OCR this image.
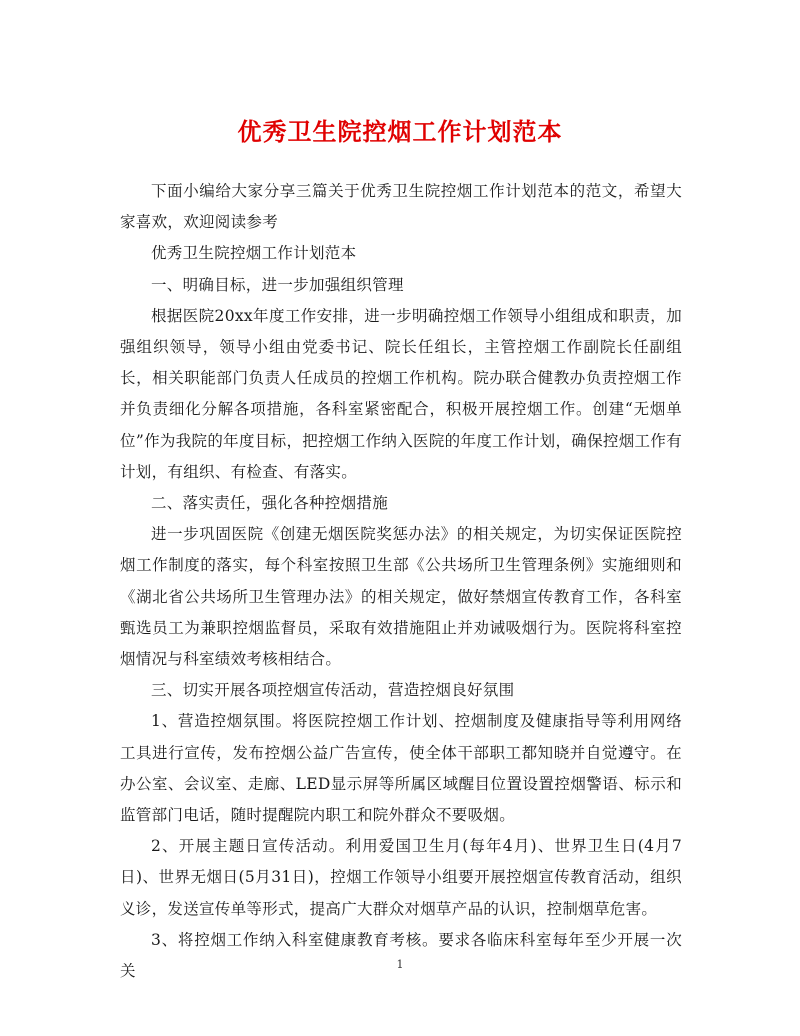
优秀卫生院控烟工作计划范本

下面小编给大家分享三篇关于优秀卫生院控烟工作计划范本的范文，希望大家喜欢，欢迎阅读参考

优秀卫生院控烟工作计划范本

一、明确目标，进一步加强组织管理

根据医院20xx年度工作安排，进一步明确控烟工作领导小组组成和职责，加强组织领导，领导小组由党委书记、院长任组长，主管控烟工作副院长任副组长，相关职能部门负责人任成员的控烟工作机构。院办联合健教办负责控烟工作并负责细化分解各项措施，各科室紧密配合，积极开展控烟工作。创建“无烟单位”作为我院的年度目标，把控烟工作纳入医院的年度工作计划，确保控烟工作有计划，有组织、有检查、有落实。

二、落实责任，强化各种控烟措施

进一步巩固医院《创建无烟医院奖惩办法》的相关规定，为切实保证医院控烟工作制度的落实，每个科室按照卫生部《公共场所卫生管理条例》实施细则和《湖北省公共场所卫生管理办法》的相关规定，做好禁烟宣传教育工作，各科室甄选员工为兼职控烟监督员，采取有效措施阻止并劝诫吸烟行为。医院将科室控烟情况与科室绩效考核相结合。

三、切实开展各项控烟宣传活动，营造控烟良好氛围

1、营造控烟氛围。将医院控烟工作计划、控烟制度及健康指导等利用网络工具进行宣传，发布控烟公益广告宣传，使全体干部职工都知晓并自觉遵守。在办公室、会议室、走廊、LED显示屏等所属区域醒目位置设置控烟警语、标示和监管部门电话，随时提醒院内职工和院外群众不要吸烟。

2、开展主题日宣传活动。利用爱国卫生月(每年4月)、世界卫生日(4月7日)、世界无烟日(5月31日)，控烟工作领导小组要开展控烟宣传教育活动，组织义诊，发送宣传单等形式，提高广大群众对烟草产品的认识，控制烟草危害。

3、将控烟工作纳入科室健康教育考核。要求各临床科室每年至少开展一次关	1
